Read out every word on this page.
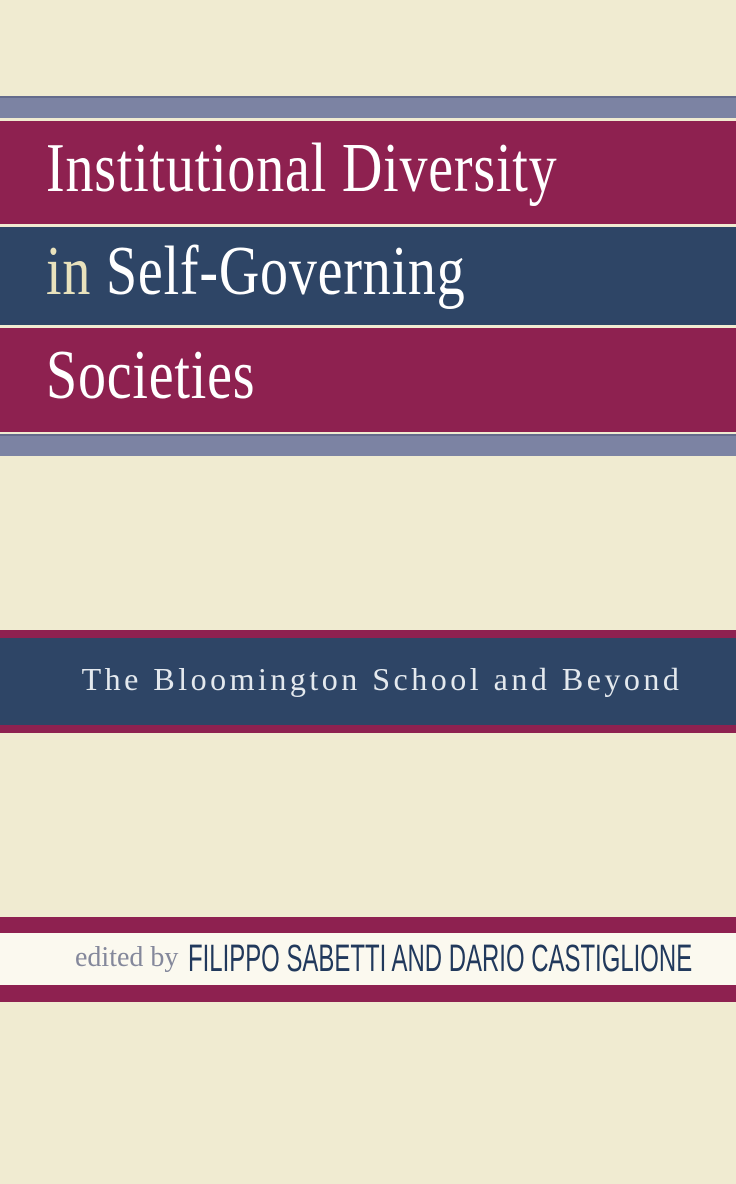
Institutional Diversity
in Self-Governing
Societies
The Bloomington School and Beyond
edited by FILIPPO SABETTI AND DARIO CASTIGLIONE
